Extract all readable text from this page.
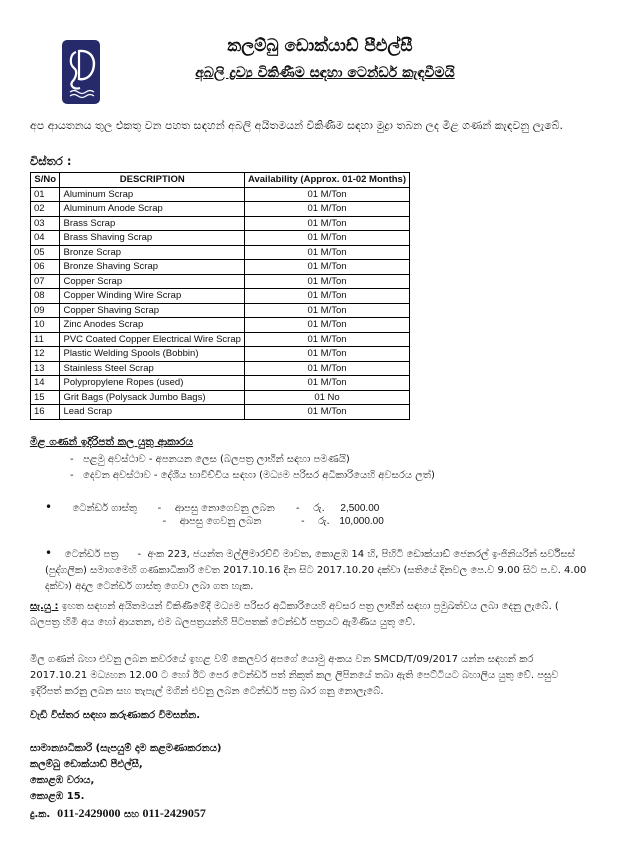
කලම්බු ඩොක්යාඩ් පීඑල්සී
අබලි ද්‍රව්‍ය විකිණීම සඳහා ටෙන්ඩර් කැඳවීමයි
අප ආයතනය තුල එකතු වන පහත සඳහන් අබලි අයිතමයන් විකිණීම සඳහා මුද්‍රා තබන ලද මිළ ගණන් කැඳවනු ලැබේ.
විස්තර :
S/No	DESCRIPTION	Availability (Approx. 01-02 Months)
01	Aluminum Scrap	01 M/Ton
02	Aluminum Anode Scrap	01 M/Ton
03	Brass Scrap	01 M/Ton
04	Brass Shaving Scrap	01 M/Ton
05	Bronze Scrap	01 M/Ton
06	Bronze Shaving Scrap	01 M/Ton
07	Copper Scrap	01 M/Ton
08	Copper Winding Wire Scrap	01 M/Ton
09	Copper Shaving Scrap	01 M/Ton
10	Zinc Anodes Scrap	01 M/Ton
11	PVC Coated Copper Electrical Wire Scrap	01 M/Ton
12	Plastic Welding Spools (Bobbin)	01 M/Ton
13	Stainless Steel Scrap	01 M/Ton
14	Polypropylene Ropes (used)	01 M/Ton
15	Grit Bags (Polysack Jumbo Bags)	01 No
16	Lead Scrap	01 M/Ton
මිළ ගණන් ඉදිරිපත් කල යුතු ආකාරය
-   පළමු අවස්ථාව - අපනයන ලෙස (බලපත්‍ර ලාභීන් සඳහා පමණයි)
-   දෙවන අවස්ථාව - දේශීය භාවිච්චිය සඳහා (මධ්‍යම පරිසර අධිකාරියෙහි අවසරය ලත්)
• ටෙන්ඩර් ගාස්තු - ආපසු නොගෙවනු ලබන - රු. 2,500.00
- ආපසු ගෙවනු ලබන	- රු. 10,000.00
• ටෙන්ඩර් පත්‍ර      -  අංක 223, ජයන්ත මල්ලිමාරච්චි මාවත, කොළඹ 14 හි, පිහිටි ඩොක්යාඩ් ජෙනරල් ඉංජිනියරින් සර්විසස් (පුද්ගලික) සමාගමෙහි ගණකාධිකාරි වෙත 2017.10.16 දින සිට 2017.10.20 දක්වා (සතියේ දිනවල පෙ.ව 9.00 සිට ප.ව. 4.00 දක්වා) අදාල ටෙන්ඩර් ගාස්තු ගෙවා ලබා ගත හැක.
සැ.යු : ඉහත සඳහන් අයිතමයන් විකිණීමේදී මධ්‍යම පරිසර අධිකාරියෙහි අවසර පත්‍ර ලාභීන් සඳහා ප්‍රමුඛත්වය ලබා දෙනු ලැබේ. ( බලපත්‍ර හිමි අය හෝ ආයතන, එම බලපත්‍රයන්හි පිටපතක් ටෙන්ඩර් පත්‍රයට ඇමිණිය යුතු වේ.
මිල ගණන් බහා එවනු ලබන කවරයේ ඉහළ වම් කෙලවර අපගේ යොමු අංකය වන SMCD/T/09/2017 යන්න සඳහන් කර 2017.10.21 මධ්‍යහන 12.00 ට හෝ ඊට පෙර ටෙන්ඩර් පත් නිකුත් කල ලිපිනයේ තබා ඇති පෙට්ටියට බහාලිය යුතු වේ. පසුව ඉදිරිපත් කරනු ලබන සහ තැපැල් මගින් එවනු ලබන ටෙන්ඩර් පත්‍ර බාර ගනු නොලැබේ.
වැඩි විස්තර සඳහා කරුණාකර විමසන්න.
සාමාන්‍යාධිකාරි (සැපයුම් දාම කළමණාකරනය)
කලම්බු ඩොක්යාඩ් පීඑල්සී,
කොළඹ වරාය,
කොළඹ 15.
දු.ක. 011-2429000 සහ 011-2429057
